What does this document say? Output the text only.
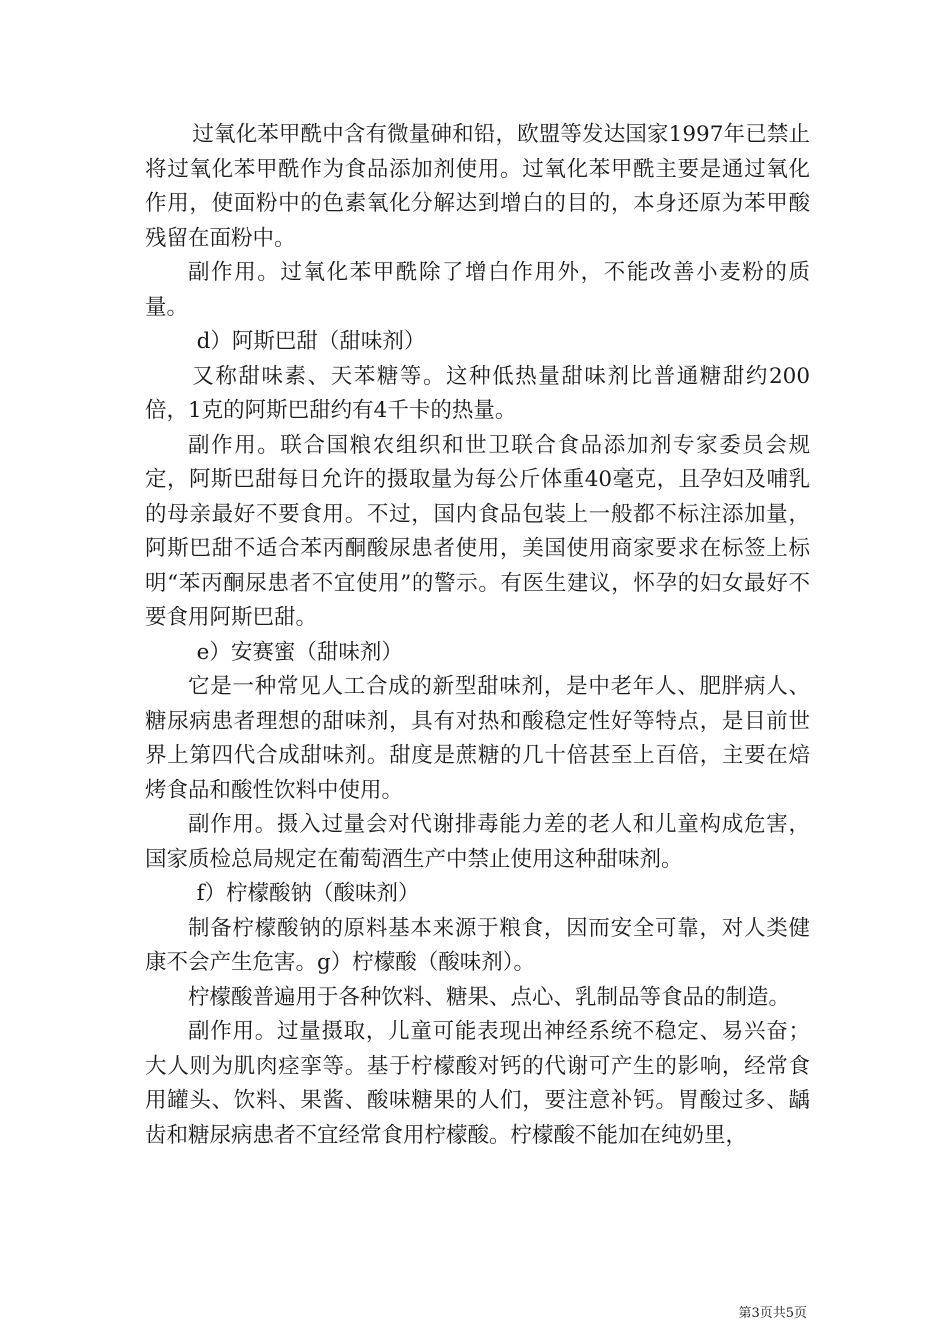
过氧化苯甲酰中含有微量砷和铅，欧盟等发达国家1997年已禁止将过氧化苯甲酰作为食品添加剂使用。过氧化苯甲酰主要是通过氧化作用，使面粉中的色素氧化分解达到增白的目的，本身还原为苯甲酸残留在面粉中。

副作用。过氧化苯甲酰除了增白作用外，不能改善小麦粉的质量。

d）阿斯巴甜（甜味剂）

又称甜味素、天苯糖等。这种低热量甜味剂比普通糖甜约200倍，1克的阿斯巴甜约有4千卡的热量。

副作用。联合国粮农组织和世卫联合食品添加剂专家委员会规定，阿斯巴甜每日允许的摄取量为每公斤体重40毫克，且孕妇及哺乳的母亲最好不要食用。不过，国内食品包装上一般都不标注添加量，阿斯巴甜不适合苯丙酮酸尿患者使用，美国使用商家要求在标签上标明“苯丙酮尿患者不宜使用”的警示。有医生建议，怀孕的妇女最好不要食用阿斯巴甜。

e）安赛蜜（甜味剂）

它是一种常见人工合成的新型甜味剂，是中老年人、肥胖病人、糖尿病患者理想的甜味剂，具有对热和酸稳定性好等特点，是目前世界上第四代合成甜味剂。甜度是蔗糖的几十倍甚至上百倍，主要在焙烤食品和酸性饮料中使用。

副作用。摄入过量会对代谢排毒能力差的老人和儿童构成危害，国家质检总局规定在葡萄酒生产中禁止使用这种甜味剂。

f）柠檬酸钠（酸味剂）

制备柠檬酸钠的原料基本来源于粮食，因而安全可靠，对人类健康不会产生危害。g）柠檬酸（酸味剂）。

柠檬酸普遍用于各种饮料、糖果、点心、乳制品等食品的制造。

副作用。过量摄取，儿童可能表现出神经系统不稳定、易兴奋；大人则为肌肉痉挛等。基于柠檬酸对钙的代谢可产生的影响，经常食用罐头、饮料、果酱、酸味糖果的人们，要注意补钙。胃酸过多、龋齿和糖尿病患者不宜经常食用柠檬酸。柠檬酸不能加在纯奶里，

第3页共5页
